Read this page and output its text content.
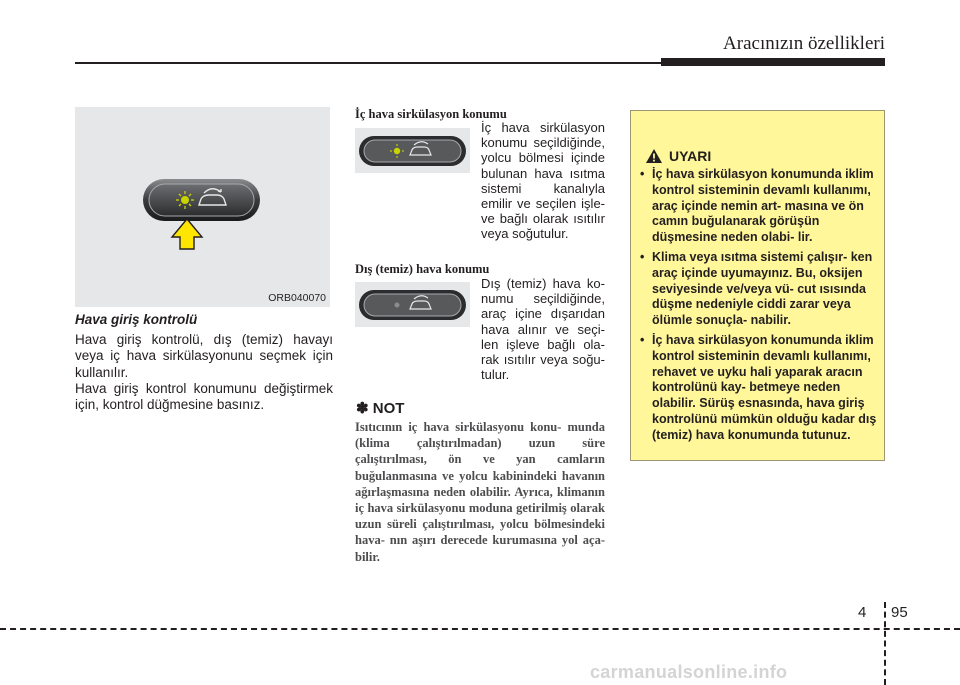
Aracınızın özellikleri
ORB040070
Hava giriş kontrolü

Hava giriş kontrolü, dış (temiz) havayı veya iç hava sirkülasyonunu seçmek için kullanılır.

Hava giriş kontrol konumunu değiştirmek için, kontrol düğmesine basınız.

İç hava sirkülasyon konumu

İç hava sirkülasyon konumu seçildiğinde, yolcu bölmesi içinde bulunan hava ısıtma sistemi kanalıyla emilir ve seçilen işle- ve bağlı olarak ısıtılır veya soğutulur.

Dış (temiz) hava konumu

Dış (temiz) hava ko- numu seçildiğinde, araç içine dışarıdan hava alınır ve seçi- len işleve bağlı ola- rak ısıtılır veya soğu- tulur.

✽ NOT

Isıtıcının iç hava sirkülasyonu konu- munda (klima çalıştırılmadan) uzun süre çalıştırılması, ön ve yan camların buğulanmasına ve yolcu kabinindeki havanın ağırlaşmasına neden olabilir. Ayrıca, klimanın iç hava sirkülasyonu moduna getirilmiş olarak uzun süreli çalıştırılması, yolcu bölmesindeki hava- nın aşırı derecede kurumasına yol aça- bilir.

UYARI
• İç hava sirkülasyon konumunda iklim kontrol sisteminin devamlı kullanımı, araç içinde nemin art- masına ve ön camın buğulanarak görüşün düşmesine neden olabi- lir.
• Klima veya ısıtma sistemi çalışır- ken araç içinde uyumayınız. Bu, oksijen seviyesinde ve/veya vü- cut ısısında düşme nedeniyle ciddi zarar veya ölümle sonuçla- nabilir.
• İç hava sirkülasyon konumunda iklim kontrol sisteminin devamlı kullanımı, rehavet ve uyku hali yaparak aracın kontrolünü kay- betmeye neden olabilir. Sürüş esnasında, hava giriş kontrolünü mümkün olduğu kadar dış (temiz) hava konumunda tutunuz.
4 95
carmanualsonline.info
